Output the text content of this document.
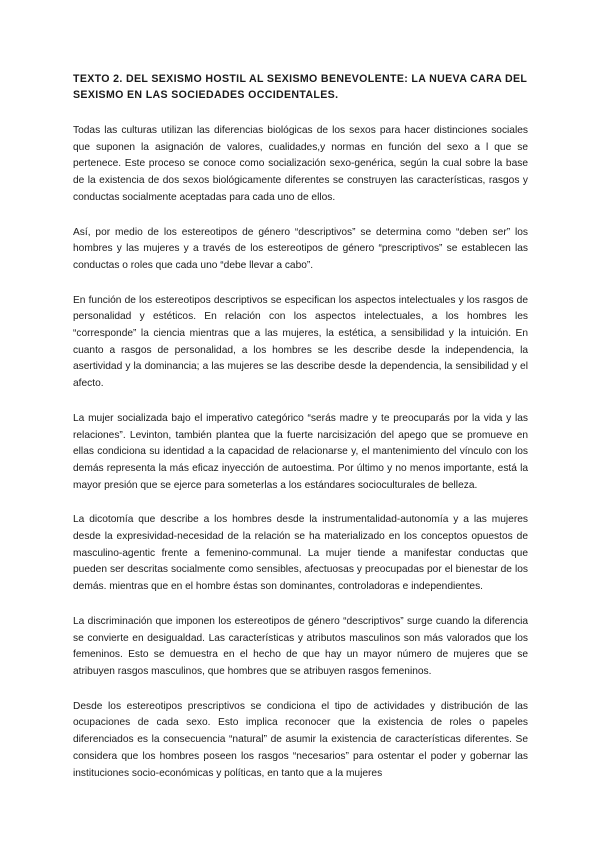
TEXTO 2. DEL SEXISMO HOSTIL AL SEXISMO BENEVOLENTE: LA NUEVA CARA DEL SEXISMO EN LAS SOCIEDADES OCCIDENTALES.

Todas las culturas utilizan las diferencias biológicas de los sexos para hacer distinciones sociales que suponen la asignación de valores, cualidades,y normas en función del sexo a l que se pertenece. Este proceso se conoce como socialización sexo-genérica, según la cual sobre la base de la existencia de dos sexos biológicamente diferentes se construyen las características, rasgos y conductas socialmente aceptadas para cada uno de ellos.

Así, por medio de los estereotipos de género “descriptivos” se determina como “deben ser” los hombres y las mujeres y a través de los estereotipos de género “prescriptivos” se establecen las conductas o roles que cada uno “debe llevar a cabo”.

En función de los estereotipos descriptivos se especifican los aspectos intelectuales y los rasgos de personalidad y estéticos. En relación con los aspectos intelectuales, a los hombres les “corresponde” la ciencia mientras que a las mujeres, la estética, a sensibilidad y la intuición. En cuanto a rasgos de personalidad, a los hombres se les describe desde la independencia, la asertividad y la dominancia; a las mujeres se las describe desde la dependencia, la sensibilidad y el afecto.

La mujer socializada bajo el imperativo categórico “serás madre y te preocuparás por la vida y las relaciones”. Levinton, también plantea que la fuerte narcisización del apego que se promueve en ellas condiciona su identidad a la capacidad de relacionarse y, el mantenimiento del vínculo con los demás representa la más eficaz inyección de autoestima. Por último y no menos importante, está la mayor presión que se ejerce para someterlas a los estándares socioculturales de belleza.

La dicotomía que describe a los hombres desde la instrumentalidad-autonomía y a las mujeres desde la expresividad-necesidad de la relación se ha materializado en los conceptos opuestos de masculino-agentic frente a femenino-communal. La mujer tiende a manifestar conductas que pueden ser descritas socialmente como sensibles, afectuosas y preocupadas por el bienestar de los demás. mientras que en el hombre éstas son dominantes, controladoras e independientes.

La discriminación que imponen los estereotipos de género “descriptivos” surge cuando la diferencia se convierte en desigualdad. Las características y atributos masculinos son más valorados que los femeninos. Esto se demuestra en el hecho de que hay un mayor número de mujeres que se atribuyen rasgos masculinos, que hombres que se atribuyen rasgos femeninos.

Desde los estereotipos prescriptivos se condiciona el tipo de actividades y distribución de las ocupaciones de cada sexo. Esto implica reconocer que la existencia de roles o papeles diferenciados es la consecuencia “natural” de asumir la existencia de características diferentes. Se considera que los hombres poseen los rasgos “necesarios” para ostentar el poder y gobernar las instituciones socio-económicas y políticas, en tanto que a la mujeres
